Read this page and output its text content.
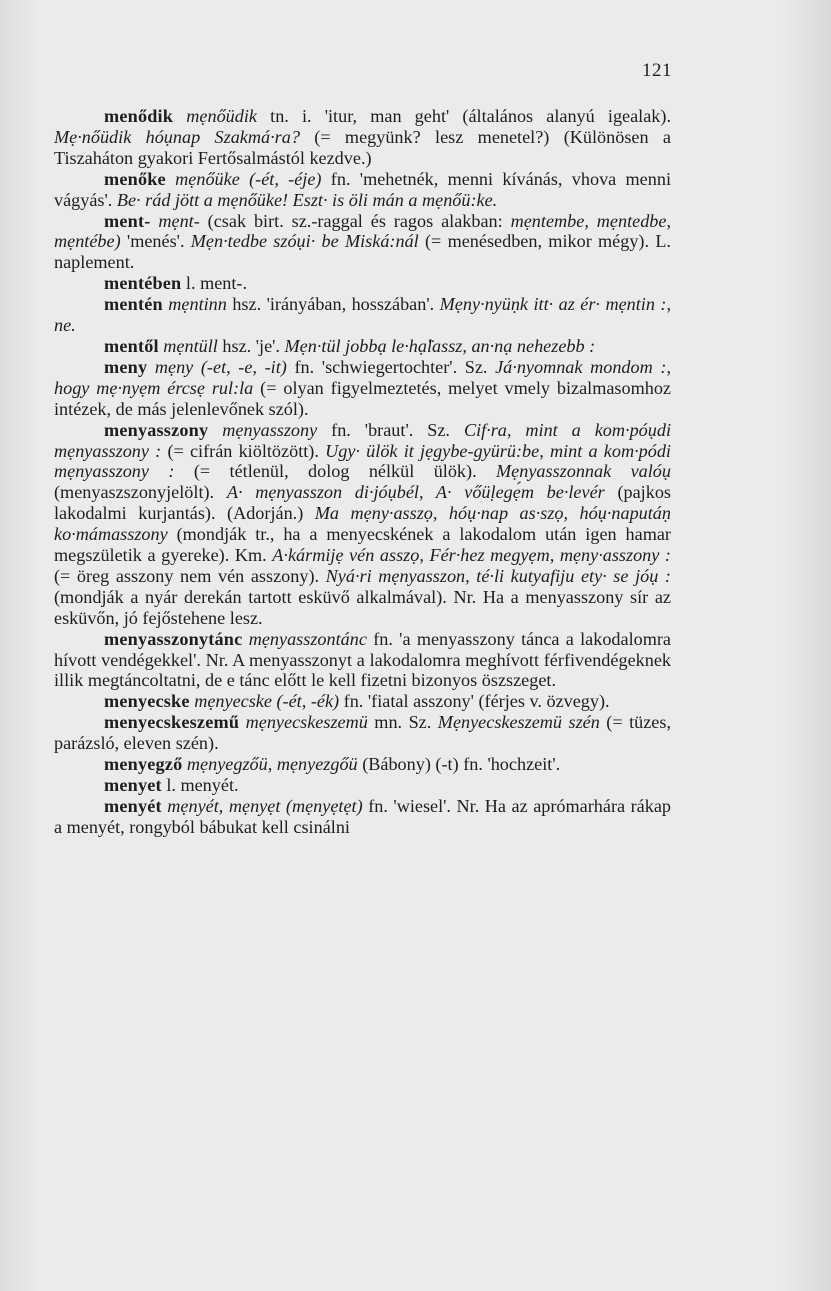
121

menődik mẹnőüdik tn. i. 'itur, man geht' (általános alanyú igealak). Mẹ·nőüdik hóụnap Szakmá·ra? (= megyünk? lesz menetel?) (Különösen a Tiszaháton gyakori Fertősalmástól kezdve.)

menőke mẹnőüke (-ét, -éje) fn. 'mehetnék, menni kívánás, vhova menni vágyás'. Be· rád jött a mẹnőüke! Eszt· is öli mán a mẹnőü:ke.

ment- mẹnt- (csak birt. sz.-raggal és ragos alakban: mẹntembe, mẹntedbe, mẹntébe) 'menés'. Mẹn·tedbe szóụi· be Miská:nál (= menésedben, mikor mégy). L. naplement.

mentében l. ment-.

mentén mẹntinn hsz. 'irányában, hosszában'. Mẹny·nyüṇk itt· az ér· mẹntin :, ne.

mentől mẹntüll hsz. 'je'. Mẹn·tül jobbạ le·hạ̈lassz, an·nạ nehezebb :

meny mẹny (-et, -e, -it) fn. 'schwiegertochter'. Sz. Já·nyomnak mondom :, hogy mẹ·nyẹm ércsẹ rul:la (= olyan figyelmeztetés, melyet vmely bizalmasomhoz intézek, de más jelenlevőnek szól).

menyasszony mẹnyasszony fn. 'braut'. Sz. Cif·ra, mint a kom·póụdi mẹnyasszony : (= cifrán kiöltözött). Ugy· ülök it jẹgybe-gyürü:be, mint a kom·pódi mẹnyasszony : (= tétlenül, dolog nélkül ülök). Mẹnyasszonnak valóụ (menyaszszonyjelölt). A· mẹnyasszon di·jóụbél, A· vőüḷegẹ́m be·levér (pajkos lakodalmi kurjantás). (Adorján.) Ma mẹny·asszọ, hóụ·nap as·szọ, hóụ·naputáṇ ko·mámasszony (mondják tr., ha a menyecskének a lakodalom után igen hamar megszületik a gyereke). Km. A·kármijẹ vén asszọ, Fér·hez megyẹm, mẹny·asszony : (= öreg asszony nem vén asszony). Nyá·ri mẹnyasszon, té·li kutyafiju ety· se jóụ : (mondják a nyár derekán tartott esküvő alkalmával). Nr. Ha a menyasszony sír az esküvőn, jó fejőstehene lesz.

menyasszonytánc mẹnyasszontánc fn. 'a menyasszony tánca a lakodalomra hívott vendégekkel'. Nr. A menyasszonyt a lakodalomra meghívott férfivendégeknek illik megtáncoltatni, de e tánc előtt le kell fizetni bizonyos öszszeget.

menyecske mẹnyecske (-ét, -ék) fn. 'fiatal asszony' (férjes v. özvegy).

menyecskeszemű mẹnyecskeszemü mn. Sz. Mẹnyecskeszemü szén (= tüzes, parázsló, eleven szén).

menyegző mẹnyegzőü, mẹnyezgőü (Bábony) (-t) fn. 'hochzeit'.

menyet l. menyét.

menyét mẹnyét, mẹnyẹt (mẹnyẹtẹt) fn. 'wiesel'. Nr. Ha az aprómarhára rákap a menyét, rongyból bábukat kell csinálni
